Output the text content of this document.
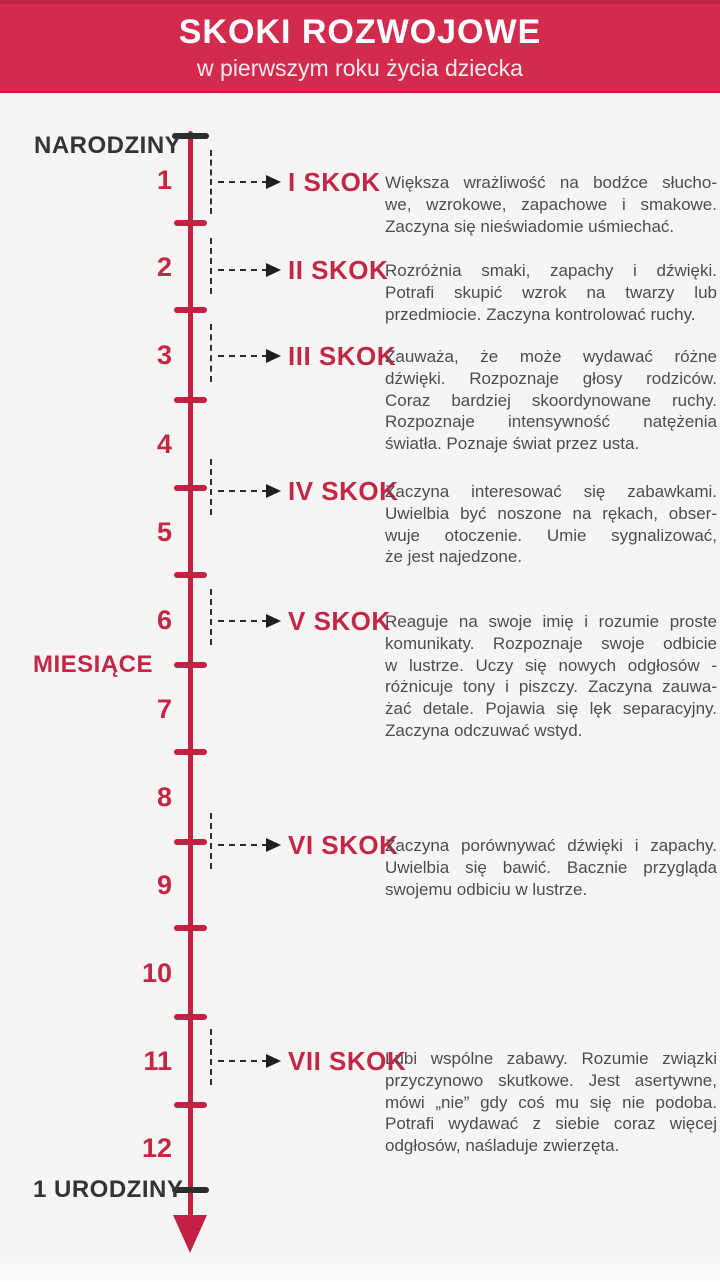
SKOKI ROZWOJOWE
w pierwszym roku życia dziecka
1
2
3
4
5
6
7
8
9
10
11
12
NARODZINY
MIESIĄCE
1 URODZINY
I SKOK Większa wrażliwość na bodźce słucho-
we, wzrokowe, zapachowe i smakowe.
Zaczyna się nieświadomie uśmiechać.
II SKOK
Rozróżnia smaki, zapachy i dźwięki.
Potrafi skupić wzrok na twarzy lub
przedmiocie. Zaczyna kontrolować ruchy.
III SKOK
Zauważa, że może wydawać różne
dźwięki. Rozpoznaje głosy rodziców.
Coraz bardziej skoordynowane ruchy.
Rozpoznaje intensywność natężenia
światła. Poznaje świat przez usta.
IV SKOK
Zaczyna interesować się zabawkami.
Uwielbia być noszone na rękach, obser-
wuje otoczenie. Umie sygnalizować,
że jest najedzone.
V SKOK
Reaguje na swoje imię i rozumie proste
komunikaty. Rozpoznaje swoje odbicie
w lustrze. Uczy się nowych odgłosów -
różnicuje tony i piszczy. Zaczyna zauwa-
żać detale. Pojawia się lęk separacyjny.
Zaczyna odczuwać wstyd.
VI SKOK
Zaczyna porównywać dźwięki i zapachy.
Uwielbia się bawić. Bacznie przygląda
swojemu odbiciu w lustrze.
VII SKOK
Lubi wspólne zabawy. Rozumie związki
przyczynowo skutkowe. Jest asertywne,
mówi „nie” gdy coś mu się nie podoba.
Potrafi wydawać z siebie coraz więcej
odgłosów, naśladuje zwierzęta.
